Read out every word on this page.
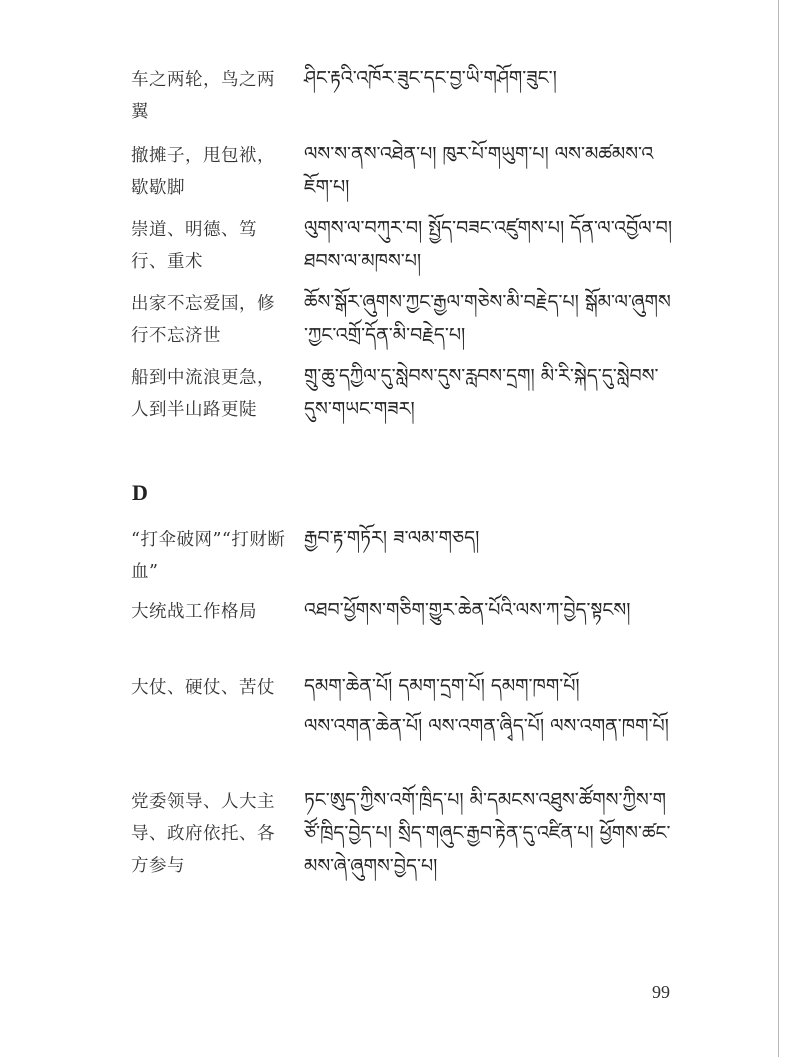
车之两轮，鸟之两翼
ཤིང་རྟའི་འཁོར་ཟུང་དང་བྱ་ཡི་གཤོག་ཟུང་།
撤摊子，甩包袱，歇歇脚
ལས་ས་ནས་འཐེན་པ། ཁུར་པོ་གཡུག་པ། ལས་མཚམས་འཇོག་པ།
崇道、明德、笃行、重术
ལུགས་ལ་བཀུར་བ། སྤྱོད་བཟང་འཛུགས་པ། དོན་ལ་འབྱོལ་བ། ཐབས་ལ་མཁས་པ།
出家不忘爱国，修行不忘济世
ཆོས་སྒོར་ཞུགས་ཀྱང་རྒྱལ་གཅེས་མི་བརྗེད་པ། སྒོམ་ལ་ཞུགས་ཀྱང་འགྲོ་དོན་མི་བརྗེད་པ།
船到中流浪更急，人到半山路更陡
གྲུ་ཆུ་དཀྱིལ་དུ་སླེབས་དུས་རླབས་དྲག། མི་རི་སྐེད་དུ་སླེབས་དུས་གཡང་གཟར།
D
“打伞破网”“打财断血”
རྒྱབ་རྟ་གཏོར། ཟ་ལམ་གཅད།
大统战工作格局	འཐབ་ཕྱོགས་གཅིག་གྱུར་ཆེན་པོའི་ལས་ཀ་བྱེད་སྟངས།
大仗、硬仗、苦仗	དམག་ཆེན་པོ། དམག་དྲག་པོ། དམག་ཁག་པོ།
ལས་འགན་ཆེན་པོ། ལས་འགན་ཞྭིད་པོ། ལས་འགན་ཁག་པོ།
党委领导、人大主导、政府依托、各方参与
ཏང་ཨུད་ཀྱིས་འགོ་ཁྲིད་པ། མི་དམངས་འཐུས་ཚོགས་ཀྱིས་གཙོ་ཁྲིད་བྱེད་པ། སྲིད་གཞུང་རྒྱབ་རྟེན་དུ་འཛིན་པ། ཕྱོགས་ཚང་མས་ཞེ་ཞུགས་བྱེད་པ།
99
